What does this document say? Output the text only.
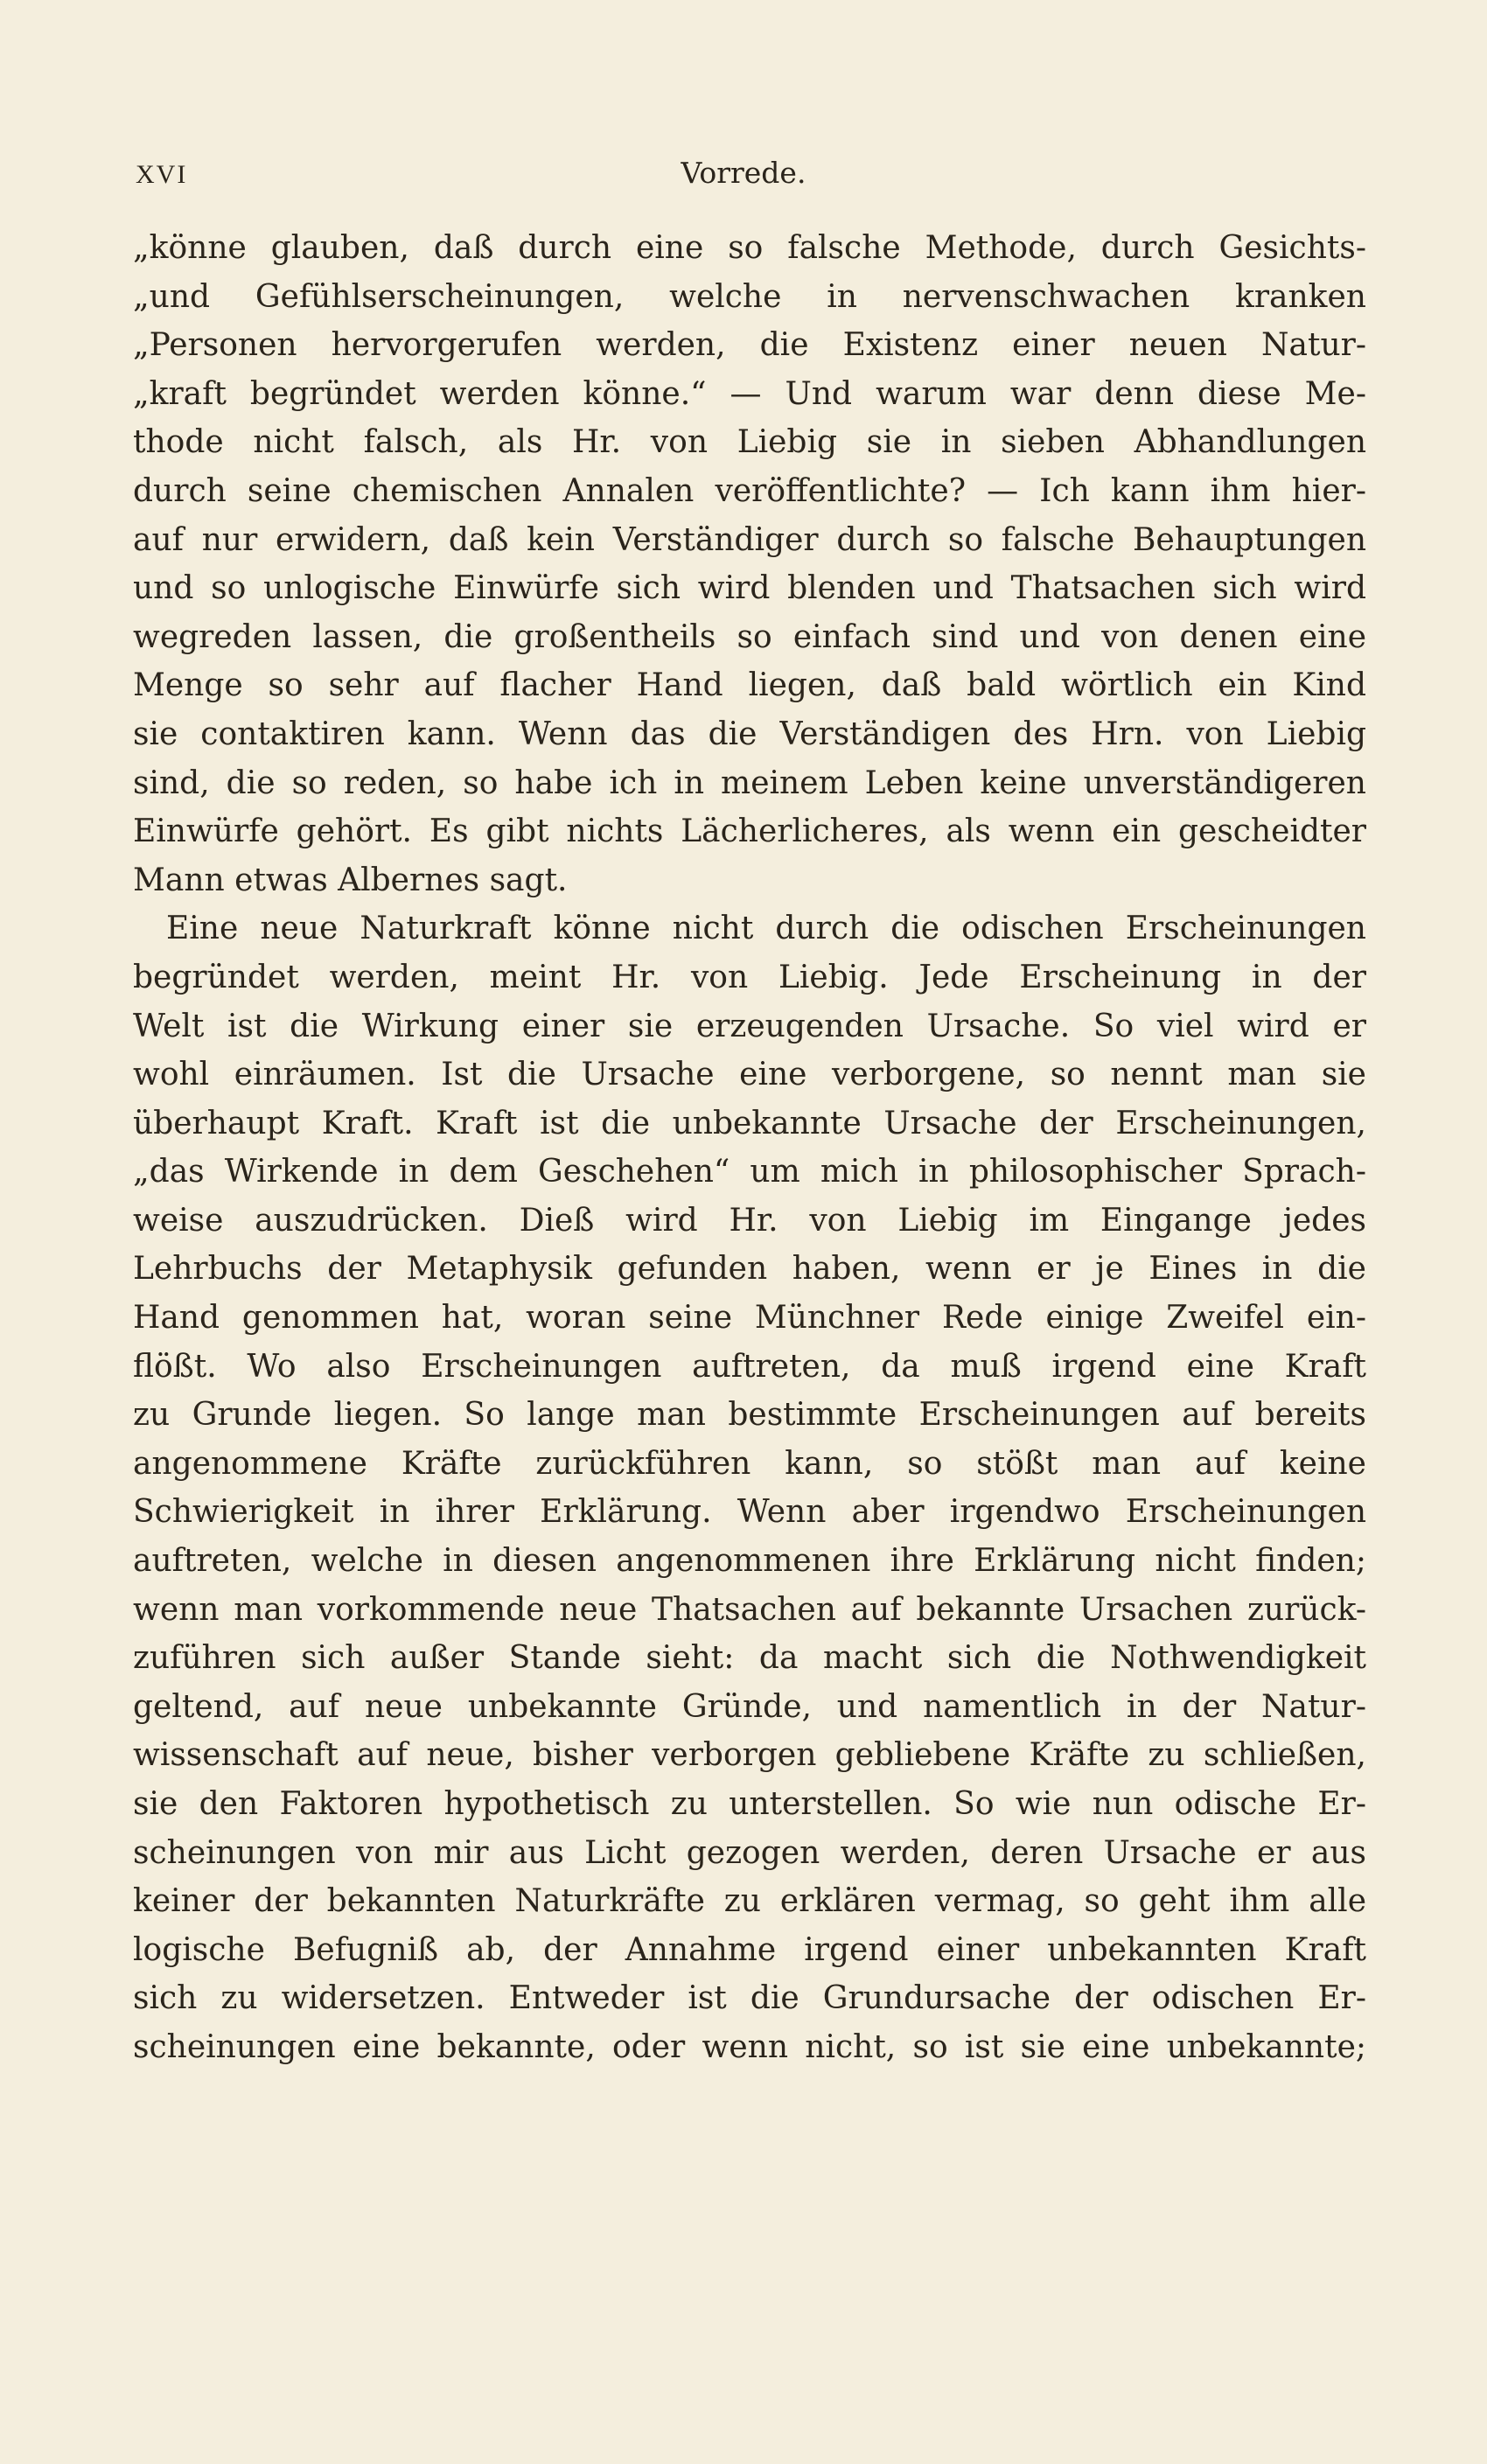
XVI	Vorrede.
„könne glauben, daß durch eine so falsche Methode, durch Gesichts-
„und Gefühlserscheinungen, welche in nervenschwachen kranken
„Personen hervorgerufen werden, die Existenz einer neuen Natur-
„kraft begründet werden könne.“ — Und warum war denn diese Me-
thode nicht falsch, als Hr. von Liebig sie in sieben Abhandlungen
durch seine chemischen Annalen veröffentlichte? — Ich kann ihm hier-
auf nur erwidern, daß kein Verständiger durch so falsche Behauptungen
und so unlogische Einwürfe sich wird blenden und Thatsachen sich wird
wegreden lassen, die großentheils so einfach sind und von denen eine
Menge so sehr auf flacher Hand liegen, daß bald wörtlich ein Kind
sie contaktiren kann. Wenn das die Verständigen des Hrn. von Liebig
sind, die so reden, so habe ich in meinem Leben keine unverständigeren
Einwürfe gehört. Es gibt nichts Lächerlicheres, als wenn ein gescheidter
Mann etwas Albernes sagt.
Eine neue Naturkraft könne nicht durch die odischen Erscheinungen
begründet werden, meint Hr. von Liebig. Jede Erscheinung in der
Welt ist die Wirkung einer sie erzeugenden Ursache. So viel wird er
wohl einräumen. Ist die Ursache eine verborgene, so nennt man sie
überhaupt Kraft. Kraft ist die unbekannte Ursache der Erscheinungen,
„das Wirkende in dem Geschehen“ um mich in philosophischer Sprach-
weise auszudrücken. Dieß wird Hr. von Liebig im Eingange jedes
Lehrbuchs der Metaphysik gefunden haben, wenn er je Eines in die
Hand genommen hat, woran seine Münchner Rede einige Zweifel ein-
flößt. Wo also Erscheinungen auftreten, da muß irgend eine Kraft
zu Grunde liegen. So lange man bestimmte Erscheinungen auf bereits
angenommene Kräfte zurückführen kann, so stößt man auf keine
Schwierigkeit in ihrer Erklärung. Wenn aber irgendwo Erscheinungen
auftreten, welche in diesen angenommenen ihre Erklärung nicht finden;
wenn man vorkommende neue Thatsachen auf bekannte Ursachen zurück-
zuführen sich außer Stande sieht: da macht sich die Nothwendigkeit
geltend, auf neue unbekannte Gründe, und namentlich in der Natur-
wissenschaft auf neue, bisher verborgen gebliebene Kräfte zu schließen,
sie den Faktoren hypothetisch zu unterstellen. So wie nun odische Er-
scheinungen von mir aus Licht gezogen werden, deren Ursache er aus
keiner der bekannten Naturkräfte zu erklären vermag, so geht ihm alle
logische Befugniß ab, der Annahme irgend einer unbekannten Kraft
sich zu widersetzen. Entweder ist die Grundursache der odischen Er-
scheinungen eine bekannte, oder wenn nicht, so ist sie eine unbekannte;
